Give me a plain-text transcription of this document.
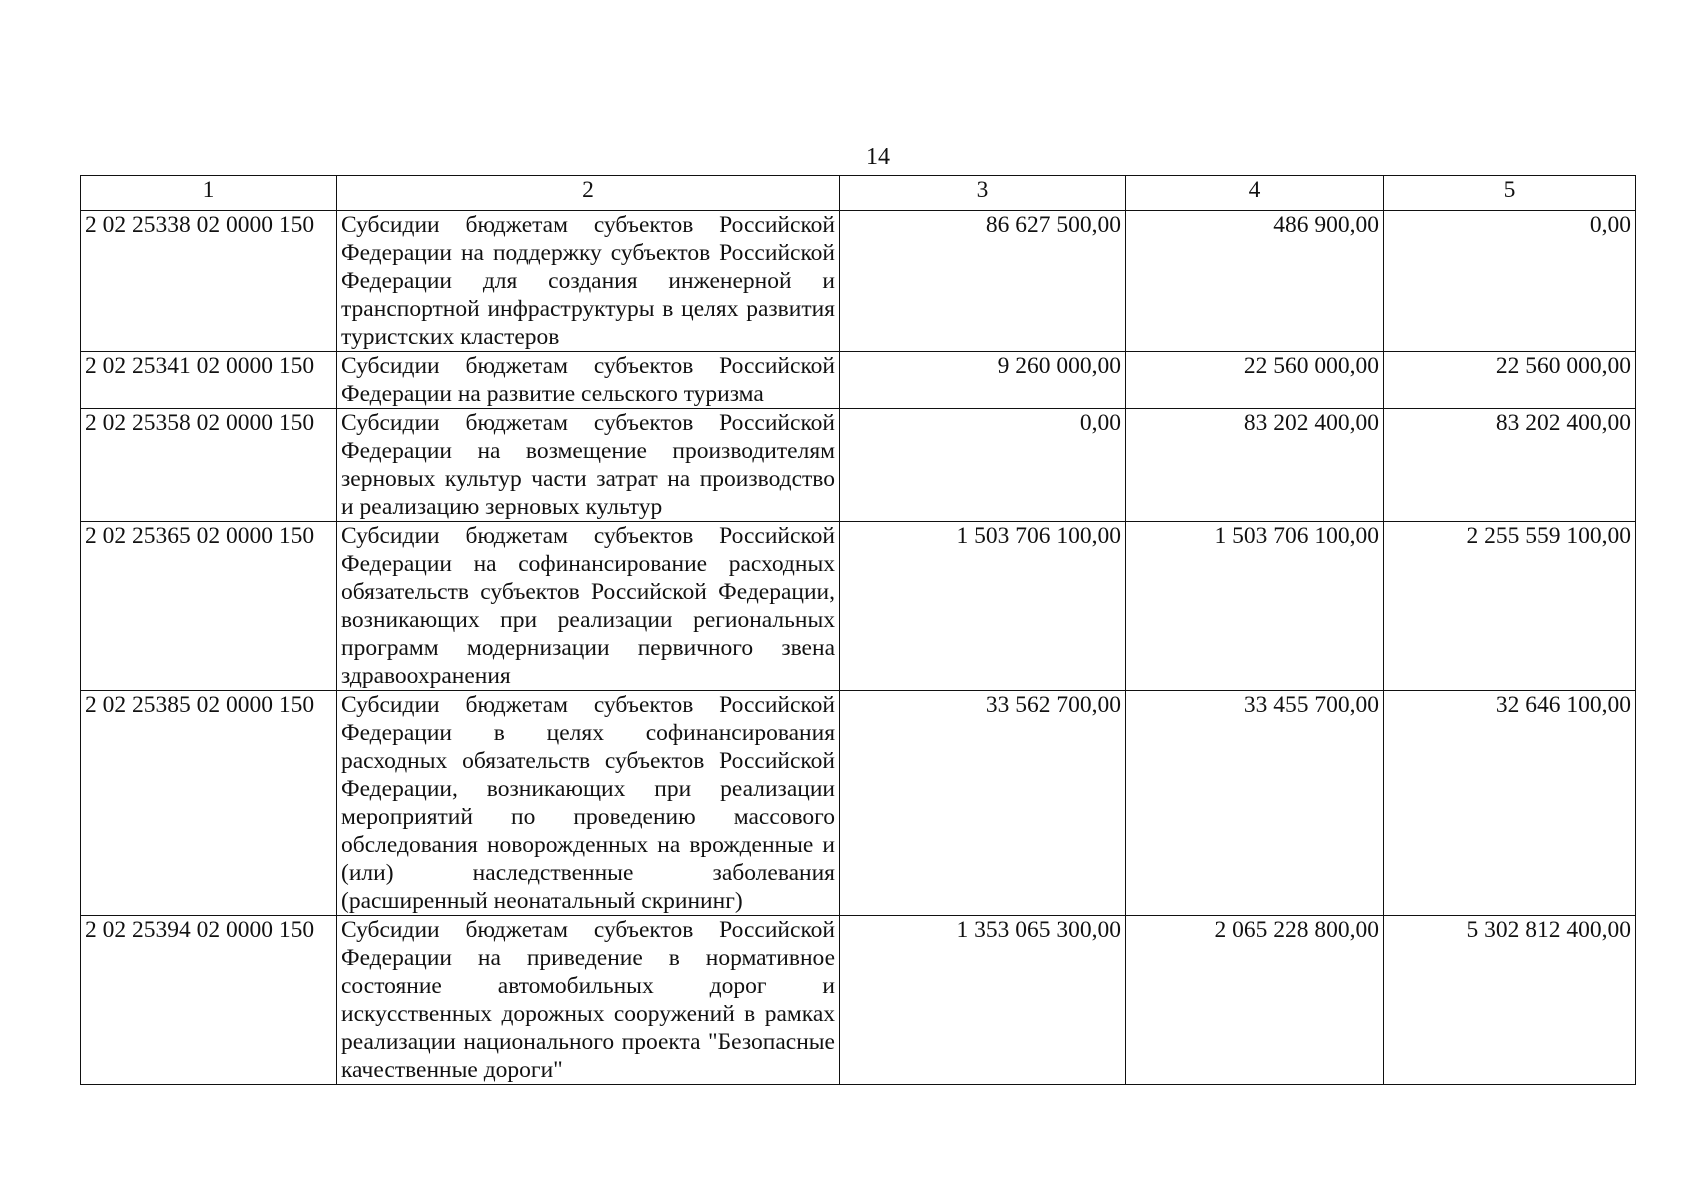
14
1	2	3	4	5
2 02 25338 02 0000 150	Субсидии бюджетам субъектов Российской Федерации на поддержку субъектов Российской Федерации для создания инженерной и транспортной инфраструктуры в целях развития туристских кластеров	86 627 500,00	486 900,00	0,00
2 02 25341 02 0000 150	Субсидии бюджетам субъектов Российской Федерации на развитие сельского туризма	9 260 000,00	22 560 000,00	22 560 000,00
2 02 25358 02 0000 150	Субсидии бюджетам субъектов Российской Федерации на возмещение производителям зерновых культур части затрат на производство и реализацию зерновых культур	0,00	83 202 400,00	83 202 400,00
2 02 25365 02 0000 150	Субсидии бюджетам субъектов Российской Федерации на софинансирование расходных обязательств субъектов Российской Федерации, возникающих при реализации региональных программ модернизации первичного звена здравоохранения	1 503 706 100,00	1 503 706 100,00	2 255 559 100,00
2 02 25385 02 0000 150	Субсидии бюджетам субъектов Российской Федерации в целях софинансирования расходных обязательств субъектов Российской Федерации, возникающих при реализации мероприятий по проведению массового обследования новорожденных на врожденные и (или) наследственные заболевания (расширенный неонатальный скрининг)	33 562 700,00	33 455 700,00	32 646 100,00
2 02 25394 02 0000 150	Субсидии бюджетам субъектов Российской Федерации на приведение в нормативное состояние автомобильных дорог и искусственных дорожных сооружений в рамках реализации национального проекта "Безопасные качественные дороги"	1 353 065 300,00	2 065 228 800,00	5 302 812 400,00
